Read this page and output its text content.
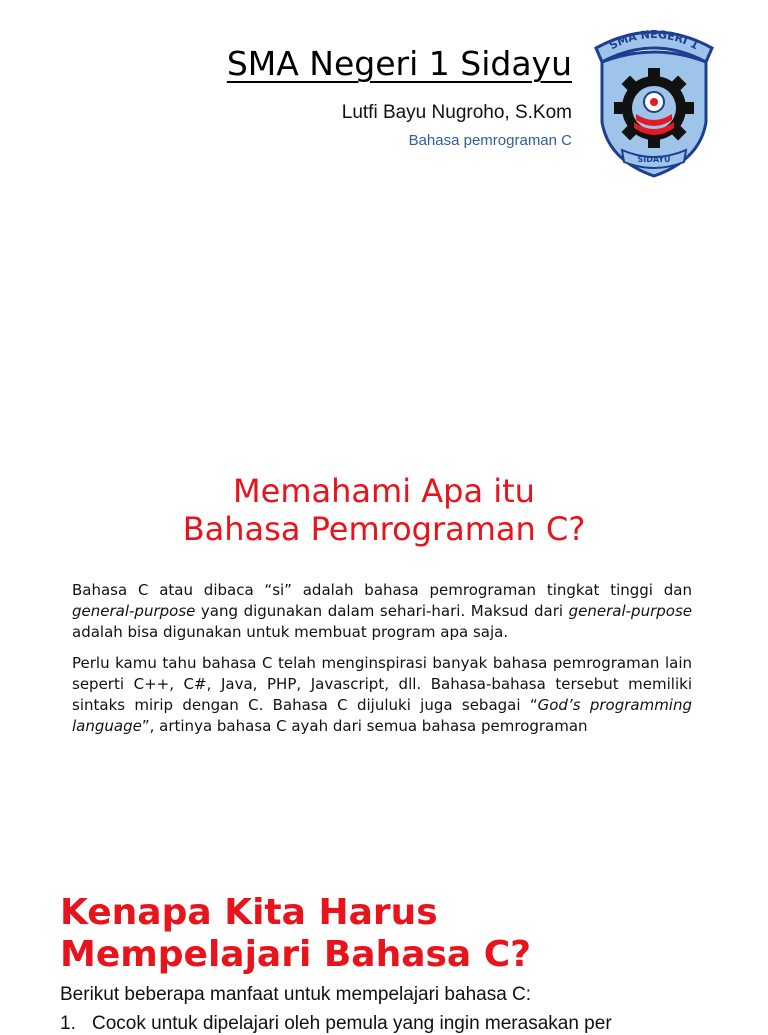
SMA Negeri 1 Sidayu
Lutfi Bayu Nugroho, S.Kom
Bahasa pemrograman C
SMA NEGERI 1
SIDAYU
Memahami Apa itu
Bahasa Pemrograman C?

Bahasa C atau dibaca “si” adalah bahasa pemrograman tingkat tinggi dan general-purpose yang digunakan dalam sehari-hari. Maksud dari general-purpose adalah bisa digunakan untuk membuat program apa saja.

Perlu kamu tahu bahasa C telah menginspirasi banyak bahasa pemrograman lain seperti C++, C#, Java, PHP, Javascript, dll. Bahasa-bahasa tersebut memiliki sintaks mirip dengan C. Bahasa C dijuluki juga sebagai “God’s programming language”, artinya bahasa C ayah dari semua bahasa pemrograman

Kenapa Kita Harus
Mempelajari Bahasa C?
Berikut beberapa manfaat untuk mempelajari bahasa C:
1. Cocok untuk dipelajari oleh pemula yang ingin merasakan per
